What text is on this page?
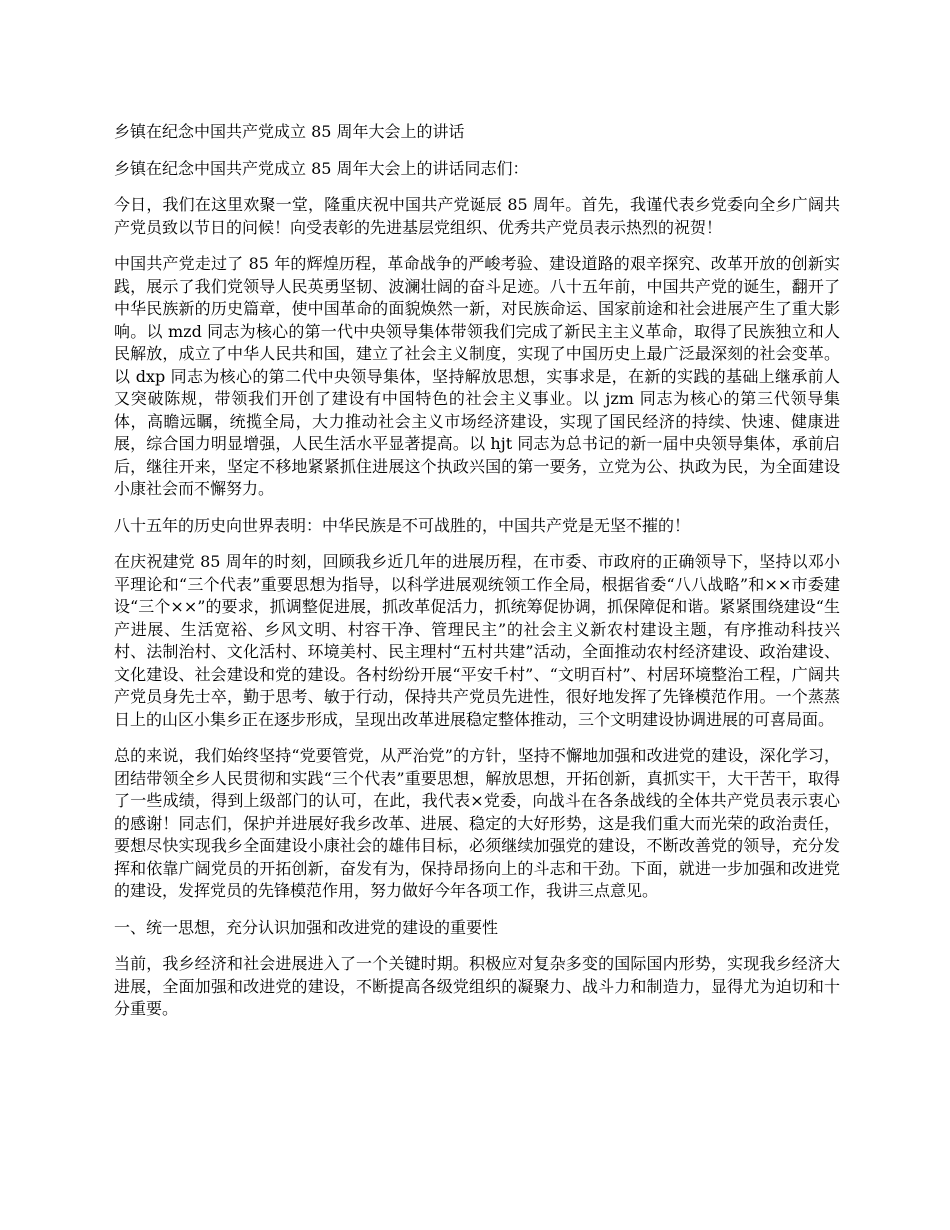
乡镇在纪念中国共产党成立 85 周年大会上的讲话

乡镇在纪念中国共产党成立 85 周年大会上的讲话同志们：

今日，我们在这里欢聚一堂，隆重庆祝中国共产党诞辰 85 周年。首先，我谨代表乡党委向全乡广阔共产党员致以节日的问候！向受表彰的先进基层党组织、优秀共产党员表示热烈的祝贺！

中国共产党走过了 85 年的辉煌历程，革命战争的严峻考验、建设道路的艰辛探究、改革开放的创新实践，展示了我们党领导人民英勇坚韧、波澜壮阔的奋斗足迹。八十五年前，中国共产党的诞生，翻开了中华民族新的历史篇章，使中国革命的面貌焕然一新，对民族命运、国家前途和社会进展产生了重大影响。以 mzd 同志为核心的第一代中央领导集体带领我们完成了新民主主义革命，取得了民族独立和人民解放，成立了中华人民共和国，建立了社会主义制度，实现了中国历史上最广泛最深刻的社会变革。以 dxp 同志为核心的第二代中央领导集体，坚持解放思想，实事求是，在新的实践的基础上继承前人又突破陈规，带领我们开创了建设有中国特色的社会主义事业。以 jzm 同志为核心的第三代领导集体，高瞻远瞩，统揽全局，大力推动社会主义市场经济建设，实现了国民经济的持续、快速、健康进展，综合国力明显增强，人民生活水平显著提高。以 hjt 同志为总书记的新一届中央领导集体，承前启后，继往开来，坚定不移地紧紧抓住进展这个执政兴国的第一要务，立党为公、执政为民，为全面建设小康社会而不懈努力。

八十五年的历史向世界表明：中华民族是不可战胜的，中国共产党是无坚不摧的！

在庆祝建党 85 周年的时刻，回顾我乡近几年的进展历程，在市委、市政府的正确领导下，坚持以邓小平理论和“三个代表”重要思想为指导，以科学进展观统领工作全局，根据省委“八八战略”和××市委建设“三个××”的要求，抓调整促进展，抓改革促活力，抓统筹促协调，抓保障促和谐。紧紧围绕建设“生产进展、生活宽裕、乡风文明、村容干净、管理民主”的社会主义新农村建设主题，有序推动科技兴村、法制治村、文化活村、环境美村、民主理村“五村共建”活动，全面推动农村经济建设、政治建设、文化建设、社会建设和党的建设。各村纷纷开展“平安千村”、“文明百村”、村居环境整治工程，广阔共产党员身先士卒，勤于思考、敏于行动，保持共产党员先进性，很好地发挥了先锋模范作用。一个蒸蒸日上的山区小集乡正在逐步形成，呈现出改革进展稳定整体推动，三个文明建设协调进展的可喜局面。

总的来说，我们始终坚持“党要管党，从严治党”的方针，坚持不懈地加强和改进党的建设，深化学习，团结带领全乡人民贯彻和实践“三个代表”重要思想，解放思想，开拓创新，真抓实干，大干苦干，取得了一些成绩，得到上级部门的认可，在此，我代表×党委，向战斗在各条战线的全体共产党员表示衷心的感谢！同志们，保护并进展好我乡改革、进展、稳定的大好形势，这是我们重大而光荣的政治责任，要想尽快实现我乡全面建设小康社会的雄伟目标，必须继续加强党的建设，不断改善党的领导，充分发挥和依靠广阔党员的开拓创新，奋发有为，保持昂扬向上的斗志和干劲。下面，就进一步加强和改进党的建设，发挥党员的先锋模范作用，努力做好今年各项工作，我讲三点意见。

一、统一思想，充分认识加强和改进党的建设的重要性

当前，我乡经济和社会进展进入了一个关键时期。积极应对复杂多变的国际国内形势，实现我乡经济大进展，全面加强和改进党的建设，不断提高各级党组织的凝聚力、战斗力和制造力，显得尤为迫切和十分重要。
